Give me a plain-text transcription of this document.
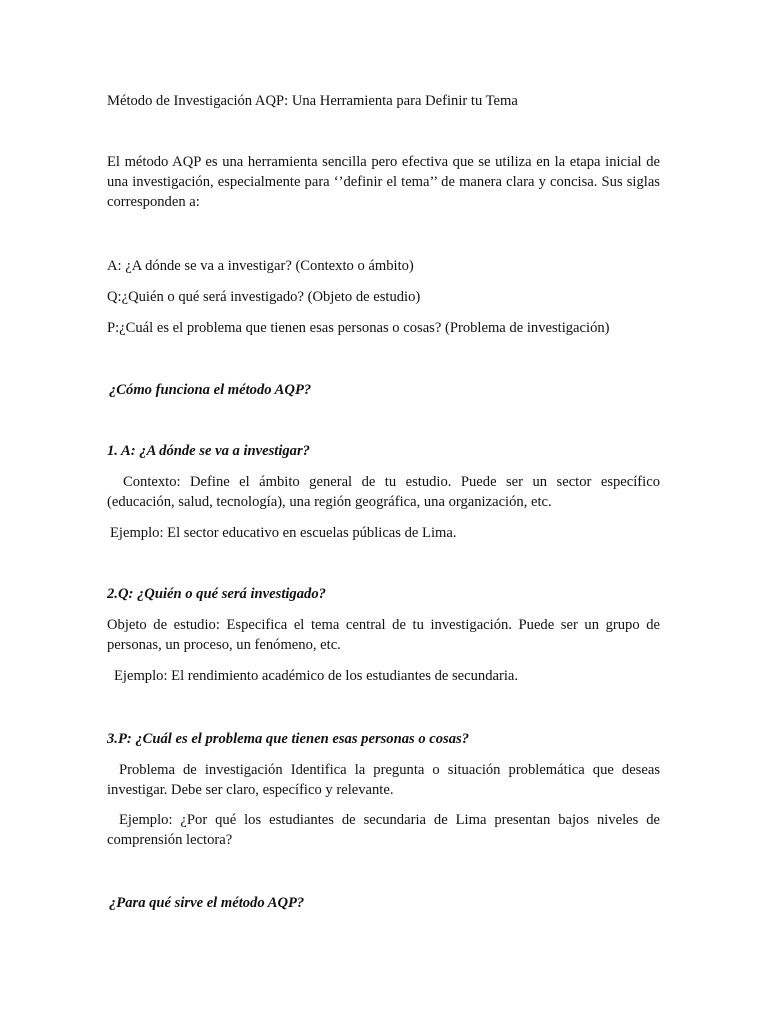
Método de Investigación AQP: Una Herramienta para Definir tu Tema

El método AQP es una herramienta sencilla pero efectiva que se utiliza en la etapa inicial de una investigación, especialmente para ‘’definir el tema’’ de manera clara y concisa. Sus siglas corresponden a:

A: ¿A dónde se va a investigar? (Contexto o ámbito)

Q:¿Quién o qué será investigado? (Objeto de estudio)

P:¿Cuál es el problema que tienen esas personas o cosas? (Problema de investigación)

¿Cómo funciona el método AQP?

1. A: ¿A dónde se va a investigar?

Contexto: Define el ámbito general de tu estudio. Puede ser un sector específico (educación, salud, tecnología), una región geográfica, una organización, etc.

Ejemplo: El sector educativo en escuelas públicas de Lima.

2.Q: ¿Quién o qué será investigado?

Objeto de estudio: Especifica el tema central de tu investigación. Puede ser un grupo de personas, un proceso, un fenómeno, etc.

Ejemplo: El rendimiento académico de los estudiantes de secundaria.

3.P: ¿Cuál es el problema que tienen esas personas o cosas?

Problema de investigación Identifica la pregunta o situación problemática que deseas investigar. Debe ser claro, específico y relevante.

Ejemplo: ¿Por qué los estudiantes de secundaria de Lima presentan bajos niveles de comprensión lectora?

¿Para qué sirve el método AQP?
